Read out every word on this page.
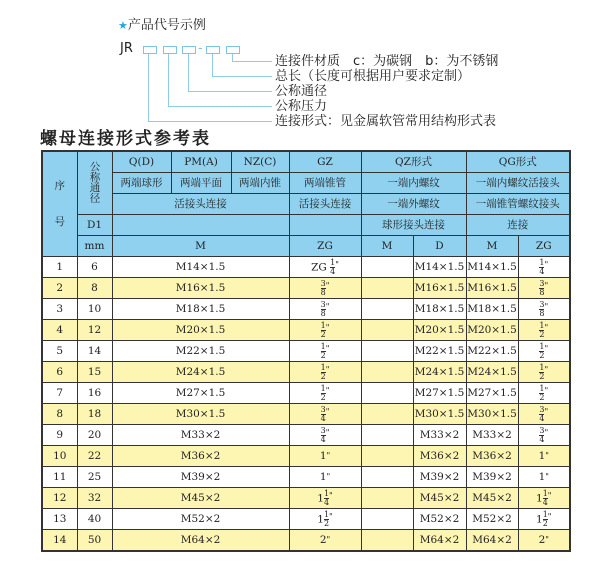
★产品代号示例
JR	-
连接件材质　c：为碳钢　b：为不锈钢
总长（长度可根据用户要求定制）
公称通径
公称压力
连接形式：见金属软管常用结构形式表
螺母连接形式参考表
序

号	公称通径	Q(D)	PM(A)	NZ(C)	GZ	QZ形式		QG形式	
		两端球形	两端平面	两端内锥	两端锥管	一端内螺纹		一端内螺纹活接头	
		活接头连接			活接头连接	一端外螺纹		一端锥管螺纹接头	
	D1					球形接头连接		连接	
	mm	M			ZG	M	D	M	ZG
1	6	M14×1.5			ZG $\frac{1}{4} ^"$		M14×1.5	M14×1.5	$\frac{1}{4} ^"$
2	8	M16×1.5			$\frac{3}{8} ^"$		M16×1.5	M16×1.5	$\frac{3}{8} ^"$
3	10	M18×1.5			$\frac{3}{8} ^"$		M18×1.5	M18×1.5	$\frac{3}{8} ^"$
4	12	M20×1.5			$\frac{1}{2} ^"$		M20×1.5	M20×1.5	$\frac{1}{2} ^"$
5	14	M22×1.5			$\frac{1}{2} ^"$		M22×1.5	M22×1.5	$\frac{1}{2} ^"$
6	15	M24×1.5			$\frac{1}{2} ^"$		M24×1.5	M24×1.5	$\frac{1}{2} ^"$
7	16	M27×1.5			$\frac{1}{2} ^"$		M27×1.5	M27×1.5	$\frac{1}{2} ^"$
8	18	M30×1.5			$\frac{3}{4} ^"$		M30×1.5	M30×1.5	$\frac{3}{4} ^"$
9	20	M33×2			$\frac{3}{4} ^"$		M33×2	M33×2	$\frac{3}{4} ^"$
10	22	M36×2			1"		M36×2	M36×2	1"
11	25	M39×2			1"		M39×2	M39×2	1"
12	32	M45×2			$1 \frac{1}{4} ^"$		M45×2	M45×2	$1 \frac{1}{4} ^"$
13	40	M52×2			$1 \frac{1}{2} ^"$		M52×2	M52×2	$1 \frac{1}{2} ^"$
14	50	M64×2			2"		M64×2	M64×2	2"
